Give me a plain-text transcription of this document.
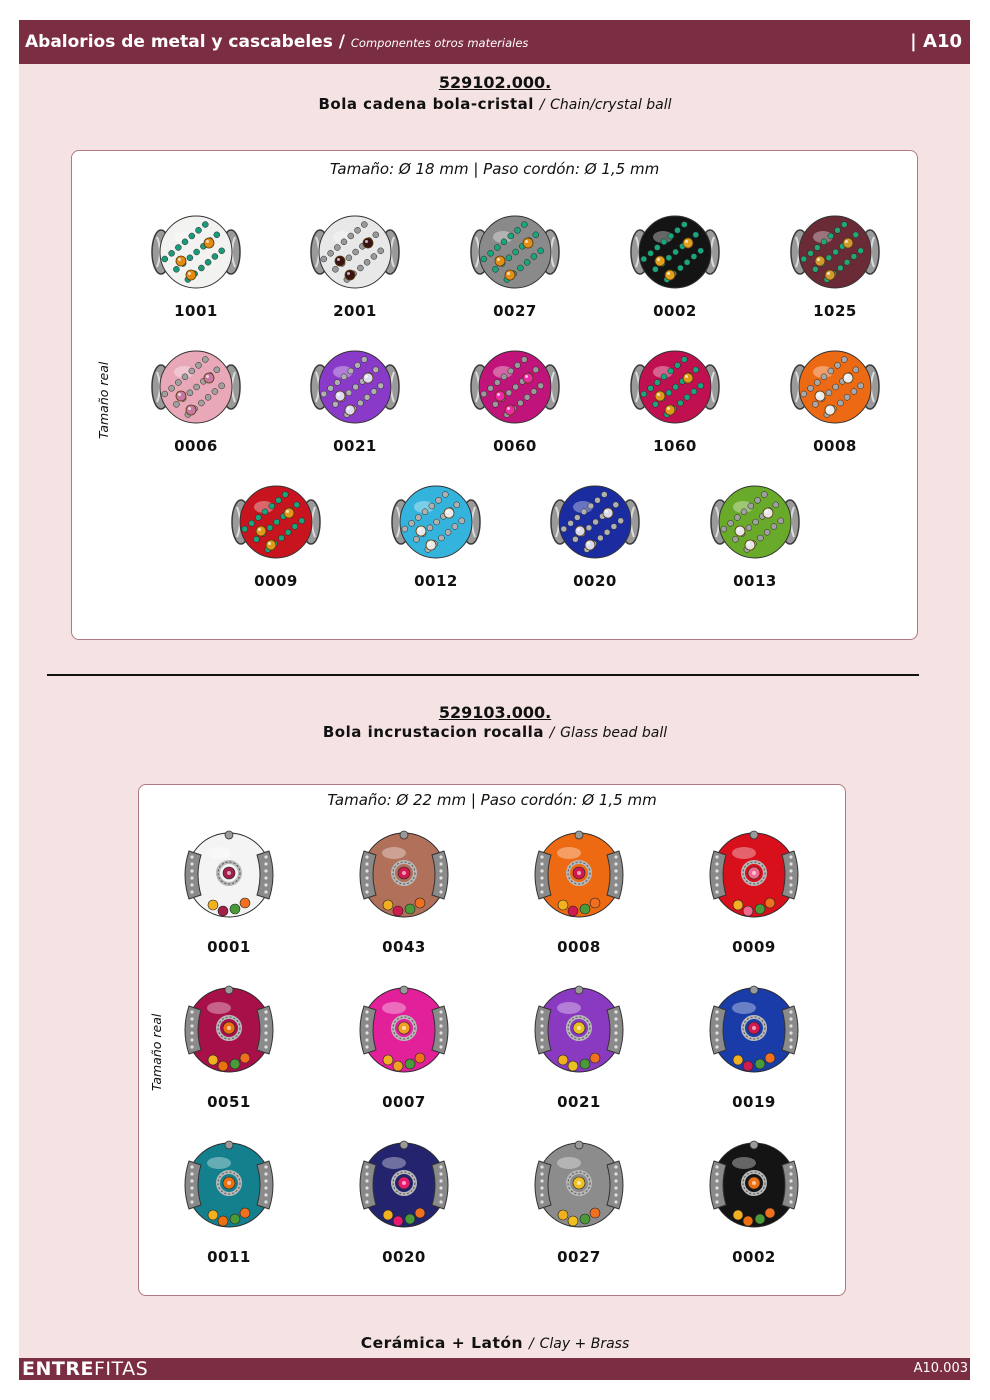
Abalorios de metal y cascabeles / Componentes otros materiales	| A10
529102.000.
Bola cadena bola-cristal / Chain/crystal ball
Tamaño: Ø 18 mm | Paso cordón: Ø 1,5 mm
Tamaño real
1001	2001	0027	0002	1025
0006	0021	0060	1060	0008
0009	0012	0020	0013
529103.000.
Bola incrustacion rocalla / Glass bead ball
Tamaño: Ø 22 mm | Paso cordón: Ø 1,5 mm
Tamaño real
0001	0043	0008	0009
0051	0007	0021	0019
0011	0020	0027	0002
Cerámica + Latón / Clay + Brass
ENTREFITAS	A10.003
